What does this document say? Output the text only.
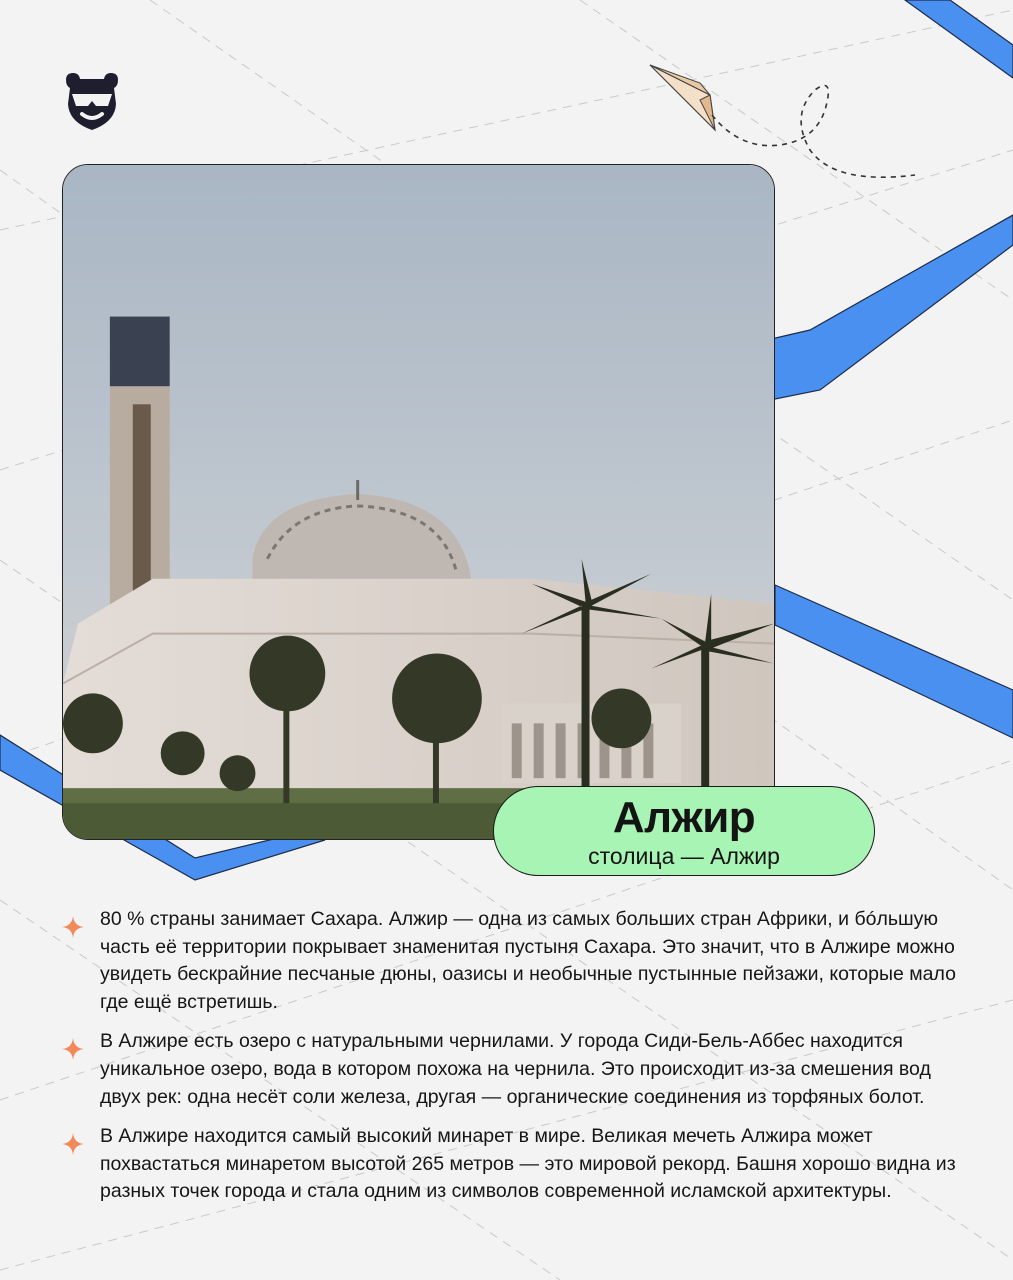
Алжир
столица — Алжир

80 % страны занимает Сахара. Алжир — одна из самых больших стран Африки, и бóльшую часть её территории покрывает знаменитая пустыня Сахара. Это значит, что в Алжире можно увидеть бескрайние песчаные дюны, оазисы и необычные пустынные пейзажи, которые мало где ещё встретишь.

В Алжире есть озеро с натуральными чернилами. У города Сиди-Бель-Аббес находится уникальное озеро, вода в котором похожа на чернила. Это происходит из-за смешения вод двух рек: одна несёт соли железа, другая — органические соединения из торфяных болот.

В Алжире находится самый высокий минарет в мире. Великая мечеть Алжира может похвастаться минаретом высотой 265 метров — это мировой рекорд. Башня хорошо видна из разных точек города и стала одним из символов современной исламской архитектуры.
